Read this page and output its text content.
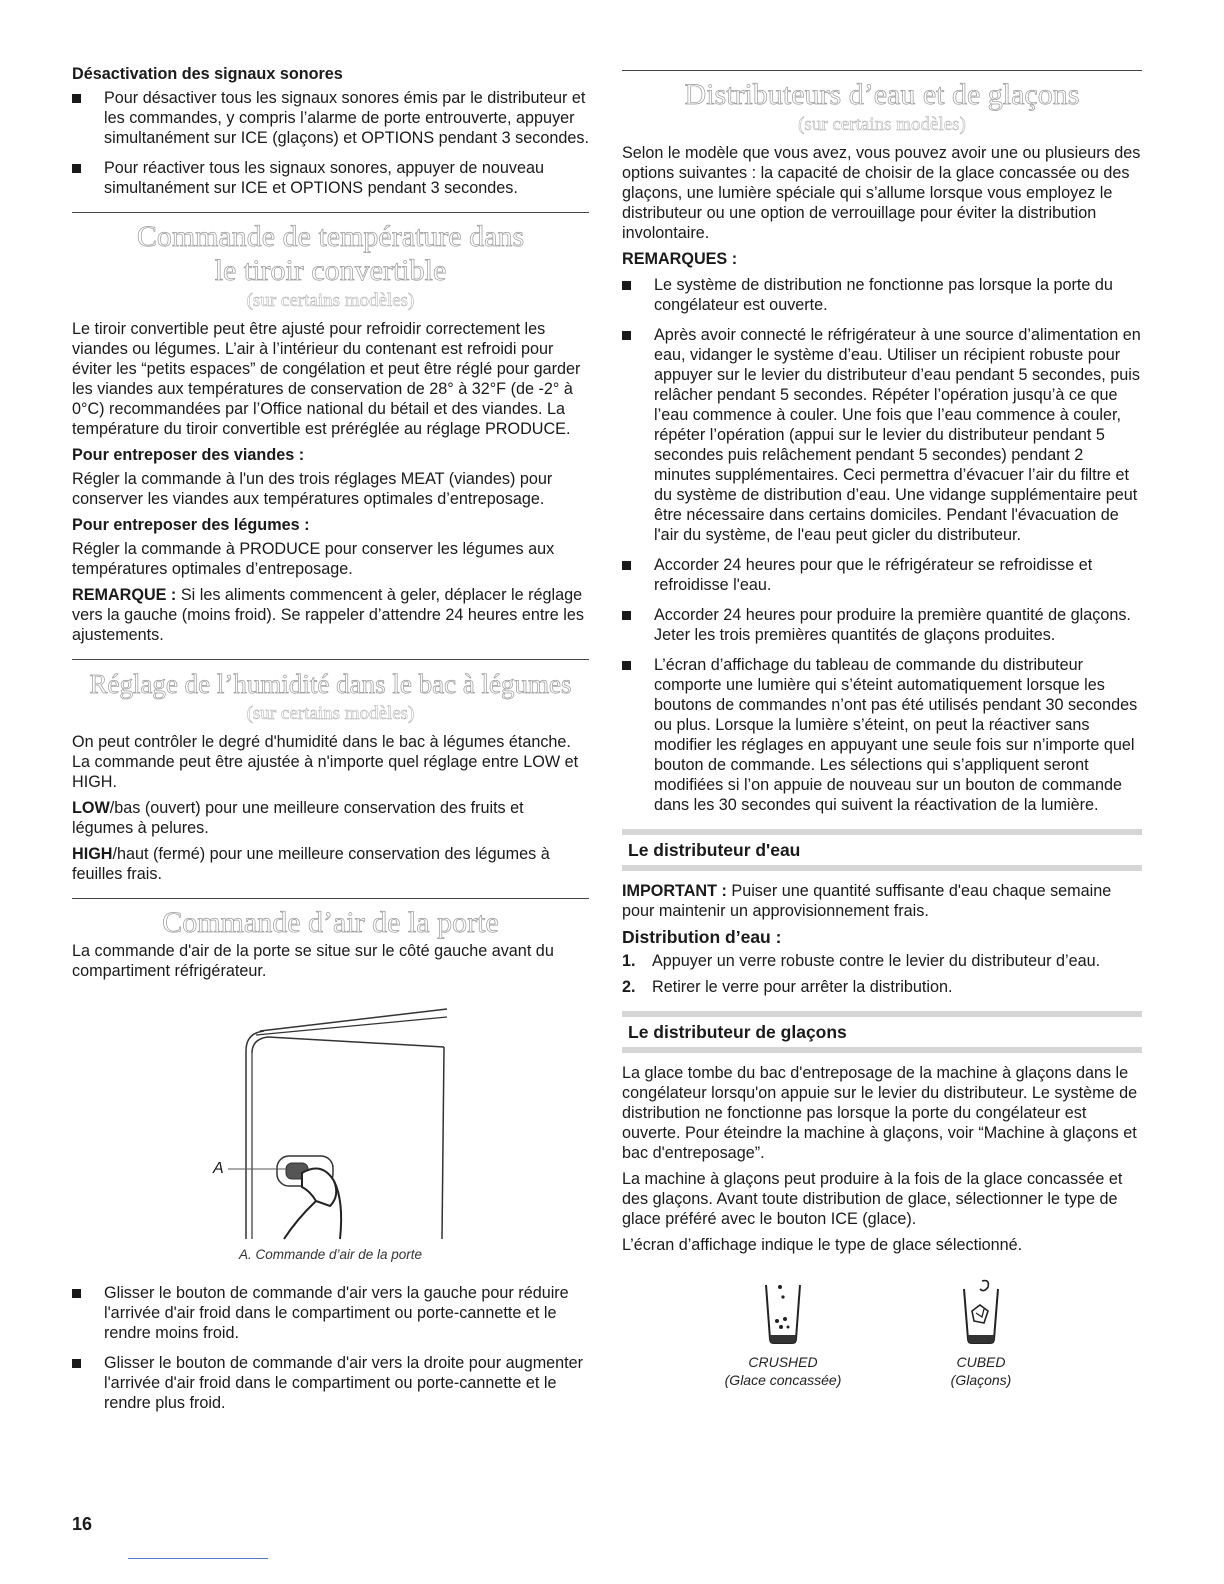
Désactivation des signaux sonores
Pour désactiver tous les signaux sonores émis par le distributeur et les commandes, y compris l’alarme de porte entrouverte, appuyer simultanément sur ICE (glaçons) et OPTIONS pendant 3 secondes.
Pour réactiver tous les signaux sonores, appuyer de nouveau simultanément sur ICE et OPTIONS pendant 3 secondes.
Commande de température dans
le tiroir convertible
(sur certains modèles)

Le tiroir convertible peut être ajusté pour refroidir correctement les viandes ou légumes. L’air à l’intérieur du contenant est refroidi pour éviter les “petits espaces” de congélation et peut être réglé pour garder les viandes aux températures de conservation de 28° à 32°F (de -2° à 0°C) recommandées par l’Office national du bétail et des viandes. La température du tiroir convertible est préréglée au réglage PRODUCE.

Pour entreposer des viandes :

Régler la commande à l'un des trois réglages MEAT (viandes) pour conserver les viandes aux températures optimales d’entreposage.

Pour entreposer des légumes :

Régler la commande à PRODUCE pour conserver les légumes aux températures optimales d’entreposage.

REMARQUE : Si les aliments commencent à geler, déplacer le réglage vers la gauche (moins froid). Se rappeler d’attendre 24 heures entre les ajustements.

Réglage de l’humidité dans le bac à légumes
(sur certains modèles)

On peut contrôler le degré d'humidité dans le bac à légumes étanche. La commande peut être ajustée à n'importe quel réglage entre LOW et HIGH.

LOW/bas (ouvert) pour une meilleure conservation des fruits et légumes à pelures.

HIGH/haut (fermé) pour une meilleure conservation des légumes à feuilles frais.

Commande d’air de la porte

La commande d'air de la porte se situe sur le côté gauche avant du compartiment réfrigérateur.

A
A. Commande d’air de la porte
Glisser le bouton de commande d'air vers la gauche pour réduire l'arrivée d'air froid dans le compartiment ou porte-cannette et le rendre moins froid.
Glisser le bouton de commande d'air vers la droite pour augmenter l'arrivée d'air froid dans le compartiment ou porte-cannette et le rendre plus froid.
Distributeurs d’eau et de glaçons
(sur certains modèles)

Selon le modèle que vous avez, vous pouvez avoir une ou plusieurs des options suivantes : la capacité de choisir de la glace concassée ou des glaçons, une lumière spéciale qui s’allume lorsque vous employez le distributeur ou une option de verrouillage pour éviter la distribution involontaire.

REMARQUES :
Le système de distribution ne fonctionne pas lorsque la porte du congélateur est ouverte.
Après avoir connecté le réfrigérateur à une source d’alimentation en eau, vidanger le système d’eau. Utiliser un récipient robuste pour appuyer sur le levier du distributeur d’eau pendant 5 secondes, puis relâcher pendant 5 secondes. Répéter l’opération jusqu’à ce que l’eau commence à couler. Une fois que l’eau commence à couler, répéter l’opération (appui sur le levier du distributeur pendant 5 secondes puis relâchement pendant 5 secondes) pendant 2 minutes supplémentaires. Ceci permettra d’évacuer l’air du filtre et du système de distribution d’eau. Une vidange supplémentaire peut être nécessaire dans certains domiciles. Pendant l'évacuation de l'air du système, de l'eau peut gicler du distributeur.
Accorder 24 heures pour que le réfrigérateur se refroidisse et refroidisse l'eau.
Accorder 24 heures pour produire la première quantité de glaçons. Jeter les trois premières quantités de glaçons produites.
L’écran d’affichage du tableau de commande du distributeur comporte une lumière qui s’éteint automatiquement lorsque les boutons de commandes n’ont pas été utilisés pendant 30 secondes ou plus. Lorsque la lumière s’éteint, on peut la réactiver sans modifier les réglages en appuyant une seule fois sur n’importe quel bouton de commande. Les sélections qui s’appliquent seront modifiées si l’on appuie de nouveau sur un bouton de commande dans les 30 secondes qui suivent la réactivation de la lumière.
Le distributeur d'eau

IMPORTANT : Puiser une quantité suffisante d'eau chaque semaine pour maintenir un approvisionnement frais.

Distribution d’eau :
1. Appuyer un verre robuste contre le levier du distributeur d’eau.
2. Retirer le verre pour arrêter la distribution.
Le distributeur de glaçons

La glace tombe du bac d'entreposage de la machine à glaçons dans le congélateur lorsqu'on appuie sur le levier du distributeur. Le système de distribution ne fonctionne pas lorsque la porte du congélateur est ouverte. Pour éteindre la machine à glaçons, voir “Machine à glaçons et bac d'entreposage”.

La machine à glaçons peut produire à la fois de la glace concassée et des glaçons. Avant toute distribution de glace, sélectionner le type de glace préféré avec le bouton ICE (glace).

L’écran d’affichage indique le type de glace sélectionné.

CRUSHED
(Glace concassée)
CUBED
(Glaçons)
16
